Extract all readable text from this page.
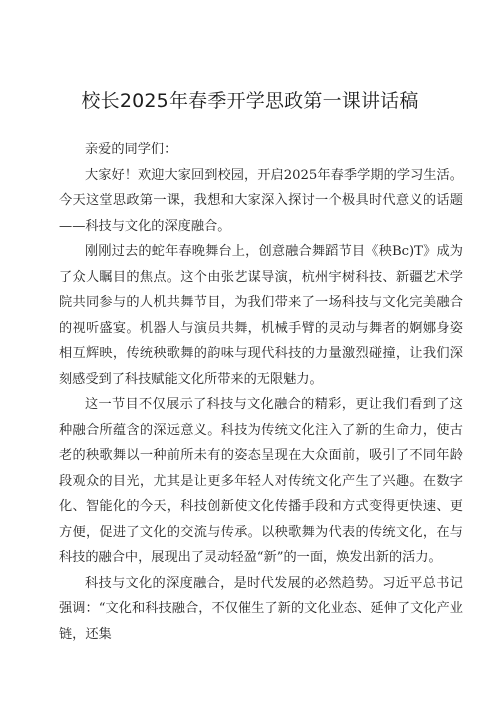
校长2025年春季开学思政第一课讲话稿

亲爱的同学们：

大家好！欢迎大家回到校园，开启2025年春季学期的学习生活。今天这堂思政第一课，我想和大家深入探讨一个极具时代意义的话题——科技与文化的深度融合。

刚刚过去的蛇年春晚舞台上，创意融合舞蹈节目《秧Bc)T》成为了众人瞩目的焦点。这个由张艺谋导演，杭州宇树科技、新疆艺术学院共同参与的人机共舞节目，为我们带来了一场科技与文化完美融合的视听盛宴。机器人与演员共舞，机械手臂的灵动与舞者的婀娜身姿相互辉映，传统秧歌舞的韵味与现代科技的力量激烈碰撞，让我们深刻感受到了科技赋能文化所带来的无限魅力。

这一节目不仅展示了科技与文化融合的精彩，更让我们看到了这种融合所蕴含的深远意义。科技为传统文化注入了新的生命力，使古老的秧歌舞以一种前所未有的姿态呈现在大众面前，吸引了不同年龄段观众的目光，尤其是让更多年轻人对传统文化产生了兴趣。在数字化、智能化的今天，科技创新使文化传播手段和方式变得更快速、更方便，促进了文化的交流与传承。以秧歌舞为代表的传统文化，在与科技的融合中，展现出了灵动轻盈“新”的一面，焕发出新的活力。

科技与文化的深度融合，是时代发展的必然趋势。习近平总书记强调：“文化和科技融合，不仅催生了新的文化业态、延伸了文化产业链，还集
